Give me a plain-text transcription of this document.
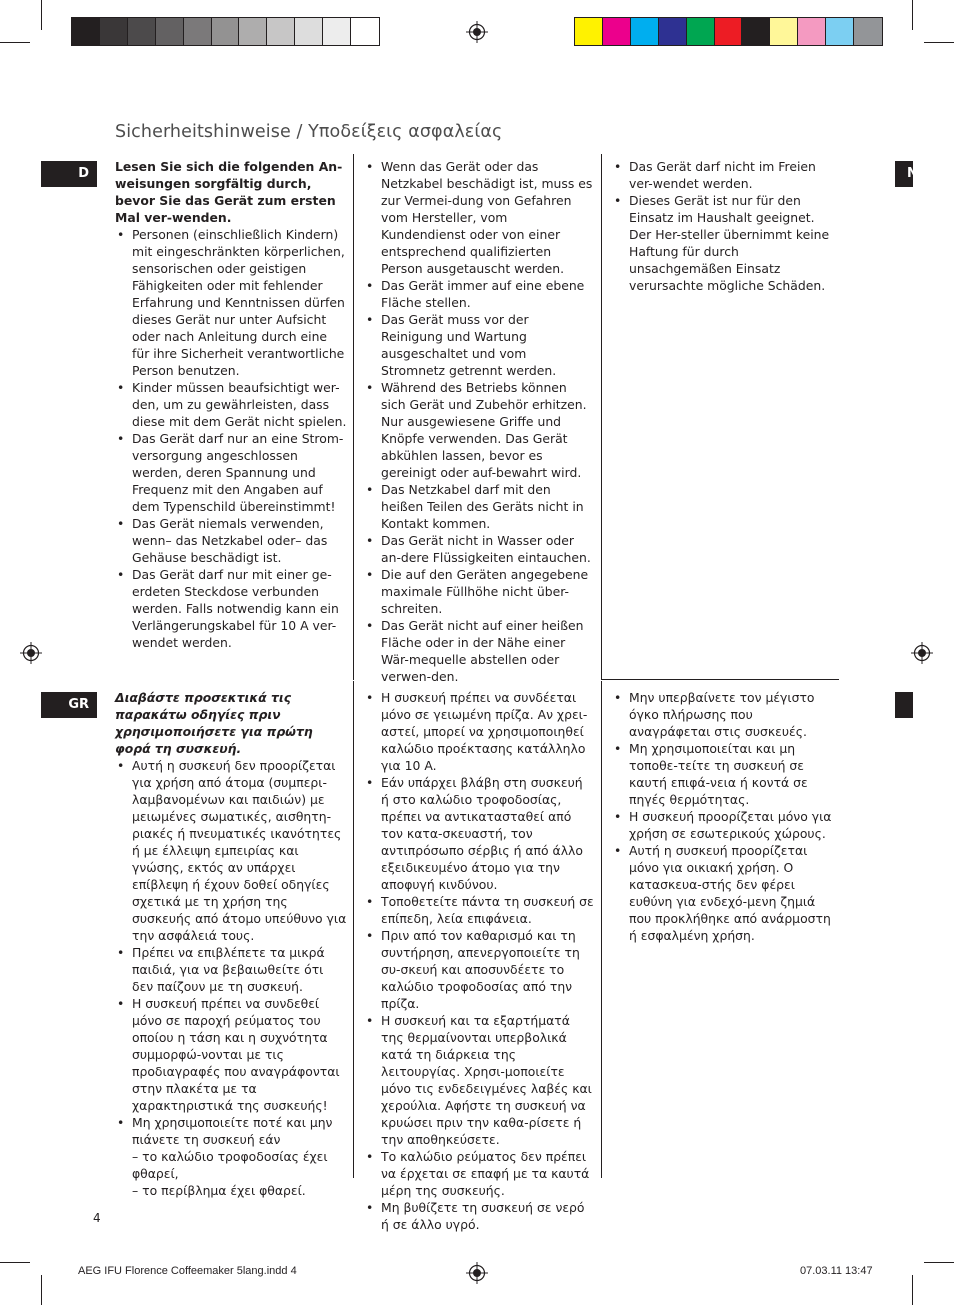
Sicherheitshinweise / Υποδείξεις ασφαλείας
D	N
GR

Lesen Sie sich die folgenden An-weisungen sorgfältig durch, bevor Sie das Gerät zum ersten Mal ver-wenden.

• Personen (einschließlich Kindern) mit eingeschränkten körperlichen, sensorischen oder geistigen Fähigkeiten oder mit fehlender Erfahrung und Kenntnissen dürfen dieses Gerät nur unter Aufsicht oder nach Anleitung durch eine für ihre Sicherheit verantwortliche Person benutzen.
• Kinder müssen beaufsichtigt wer-den, um zu gewährleisten, dass diese mit dem Gerät nicht spielen.
• Das Gerät darf nur an eine Strom-versorgung angeschlossen werden, deren Spannung und Frequenz mit den Angaben auf dem Typenschild übereinstimmt!
• Das Gerät niemals verwenden, wenn– das Netzkabel oder– das Gehäuse beschädigt ist.
• Das Gerät darf nur mit einer ge-erdeten Steckdose verbunden werden. Falls notwendig kann ein Verlängerungskabel für 10 A ver-wendet werden.
• Wenn das Gerät oder das Netzkabel beschädigt ist, muss es zur Vermei-dung von Gefahren vom Hersteller, vom Kundendienst oder von einer entsprechend qualifizierten Person ausgetauscht werden.
• Das Gerät immer auf eine ebene Fläche stellen.
• Das Gerät muss vor der Reinigung und Wartung ausgeschaltet und vom Stromnetz getrennt werden.
• Während des Betriebs können sich Gerät und Zubehör erhitzen. Nur ausgewiesene Griffe und Knöpfe verwenden. Das Gerät abkühlen lassen, bevor es gereinigt oder auf-bewahrt wird.
• Das Netzkabel darf mit den heißen Teilen des Geräts nicht in Kontakt kommen.
• Das Gerät nicht in Wasser oder an-dere Flüssigkeiten eintauchen.
• Die auf den Geräten angegebene maximale Füllhöhe nicht über-schreiten.
• Das Gerät nicht auf einer heißen Fläche oder in der Nähe einer Wär-mequelle abstellen oder verwen-den.
• Das Gerät darf nicht im Freien ver-wendet werden.
• Dieses Gerät ist nur für den Einsatz im Haushalt geeignet. Der Her-steller übernimmt keine Haftung für durch unsachgemäßen Einsatz verursachte mögliche Schäden.

Διαβάστε προσεκτικά τις παρακάτω οδηγίες πριν χρησιμοποιήσετε για πρώτη φορά τη συσκευή.

• Αυτή η συσκευή δεν προορίζεται για χρήση από άτομα (συμπερι-λαμβανομένων και παιδιών) με μειωμένες σωματικές, αισθητη-ριακές ή πνευματικές ικανότητες ή με έλλειψη εμπειρίας και γνώσης, εκτός αν υπάρχει επίβλεψη ή έχουν δοθεί οδηγίες σχετικά με τη χρήση της συσκευής από άτομο υπεύθυνο για την ασφάλειά τους.
• Πρέπει να επιβλέπετε τα μικρά παιδιά, για να βεβαιωθείτε ότι δεν παίζουν με τη συσκευή.
• Η συσκευή πρέπει να συνδεθεί μόνο σε παροχή ρεύματος του οποίου η τάση και η συχνότητα συμμορφώ-νονται με τις προδιαγραφές που αναγράφονται στην πλακέτα με τα χαρακτηριστικά της συσκευής!
• Μη χρησιμοποιείτε ποτέ και μην πιάνετε τη συσκευή εάν

– το καλώδιο τροφοδοσίας έχει φθαρεί,

– το περίβλημα έχει φθαρεί.

• Η συσκευή πρέπει να συνδέεται μόνο σε γειωμένη πρίζα. Αν χρει-αστεί, μπορεί να χρησιμοποιηθεί καλώδιο προέκτασης κατάλληλο για 10 A.
• Εάν υπάρχει βλάβη στη συσκευή ή στο καλώδιο τροφοδοσίας, πρέπει να αντικατασταθεί από τον κατα-σκευαστή, τον αντιπρόσωπο σέρβις ή από άλλο εξειδικευμένο άτομο για την αποφυγή κινδύνου.
• Τοποθετείτε πάντα τη συσκευή σε επίπεδη, λεία επιφάνεια.
• Πριν από τον καθαρισμό και τη συντήρηση, απενεργοποιείτε τη συ-σκευή και αποσυνδέετε το καλώδιο τροφοδοσίας από την πρίζα.
• Η συσκευή και τα εξαρτήματά της θερμαίνονται υπερβολικά κατά τη διάρκεια της λειτουργίας. Χρησι-μοποιείτε μόνο τις ενδεδειγμένες λαβές και χερούλια. Αφήστε τη συσκευή να κρυώσει πριν την καθα-ρίσετε ή την αποθηκεύσετε.
• Το καλώδιο ρεύματος δεν πρέπει να έρχεται σε επαφή με τα καυτά μέρη της συσκευής.
• Μη βυθίζετε τη συσκευή σε νερό ή σε άλλο υγρό.
• Μην υπερβαίνετε τον μέγιστο όγκο πλήρωσης που αναγράφεται στις συσκευές.
• Μη χρησιμοποιείται και μη τοποθε-τείτε τη συσκευή σε καυτή επιφά-νεια ή κοντά σε πηγές θερμότητας.
• Η συσκευή προορίζεται μόνο για χρήση σε εσωτερικούς χώρους.
• Αυτή η συσκευή προορίζεται μόνο για οικιακή χρήση. Ο κατασκευα-στής δεν φέρει ευθύνη για ενδεχό-μενη ζημιά που προκλήθηκε από ανάρμοστη ή εσφαλμένη χρήση.
4
AEG IFU Florence Coffeemaker 5lang.indd 4	07.03.11 13:47
